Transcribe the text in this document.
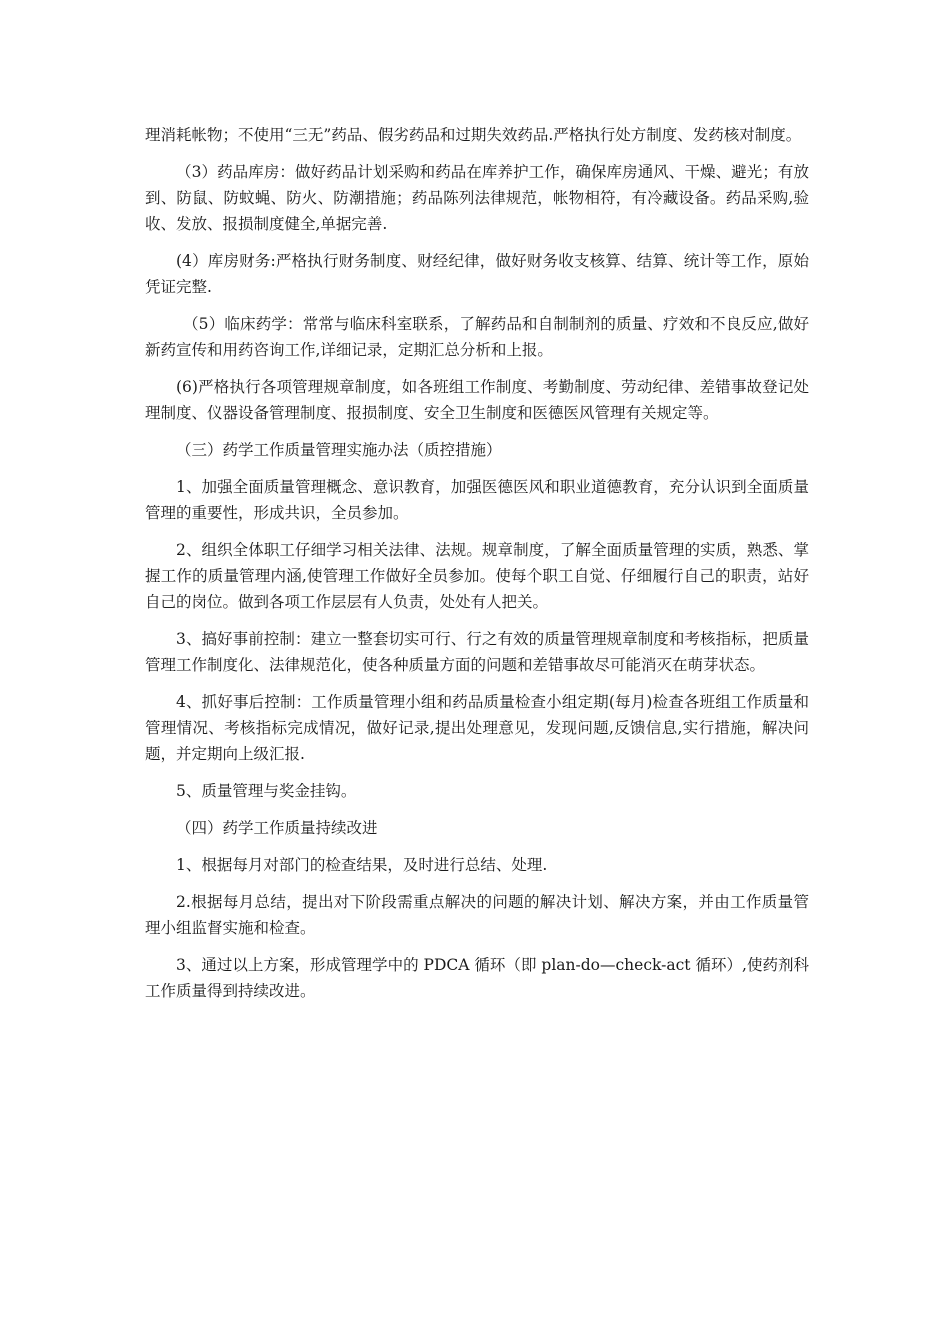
理消耗帐物；不使用“三无”药品、假劣药品和过期失效药品.严格执行处方制度、发药核对制度。

（3）药品库房：做好药品计划采购和药品在库养护工作，确保库房通风、干燥、避光；有放到、防鼠、防蚊蝇、防火、防潮措施；药品陈列法律规范，帐物相符，有冷藏设备。药品采购,验收、发放、报损制度健全,单据完善.

(4）库房财务:严格执行财务制度、财经纪律，做好财务收支核算、结算、统计等工作，原始凭证完整.

（5）临床药学：常常与临床科室联系，了解药品和自制制剂的质量、疗效和不良反应,做好新药宣传和用药咨询工作,详细记录，定期汇总分析和上报。

(6)严格执行各项管理规章制度，如各班组工作制度、考勤制度、劳动纪律、差错事故登记处理制度、仪器设备管理制度、报损制度、安全卫生制度和医德医风管理有关规定等。

（三）药学工作质量管理实施办法（质控措施）

1、加强全面质量管理概念、意识教育，加强医德医风和职业道德教育，充分认识到全面质量管理的重要性，形成共识，全员参加。

2、组织全体职工仔细学习相关法律、法规。规章制度，了解全面质量管理的实质，熟悉、掌握工作的质量管理内涵,使管理工作做好全员参加。使每个职工自觉、仔细履行自己的职责，站好自己的岗位。做到各项工作层层有人负责，处处有人把关。

3、搞好事前控制：建立一整套切实可行、行之有效的质量管理规章制度和考核指标，把质量管理工作制度化、法律规范化，使各种质量方面的问题和差错事故尽可能消灭在萌芽状态。

4、抓好事后控制：工作质量管理小组和药品质量检查小组定期(每月)检查各班组工作质量和管理情况、考核指标完成情况，做好记录,提出处理意见，发现问题,反馈信息,实行措施，解决问题，并定期向上级汇报.

5、质量管理与奖金挂钩。

（四）药学工作质量持续改进

1、根据每月对部门的检查结果，及时进行总结、处理.

2.根据每月总结，提出对下阶段需重点解决的问题的解决计划、解决方案，并由工作质量管理小组监督实施和检查。

3、通过以上方案，形成管理学中的 PDCA 循环（即 plan-do—check-act 循环）,使药剂科工作质量得到持续改进。
